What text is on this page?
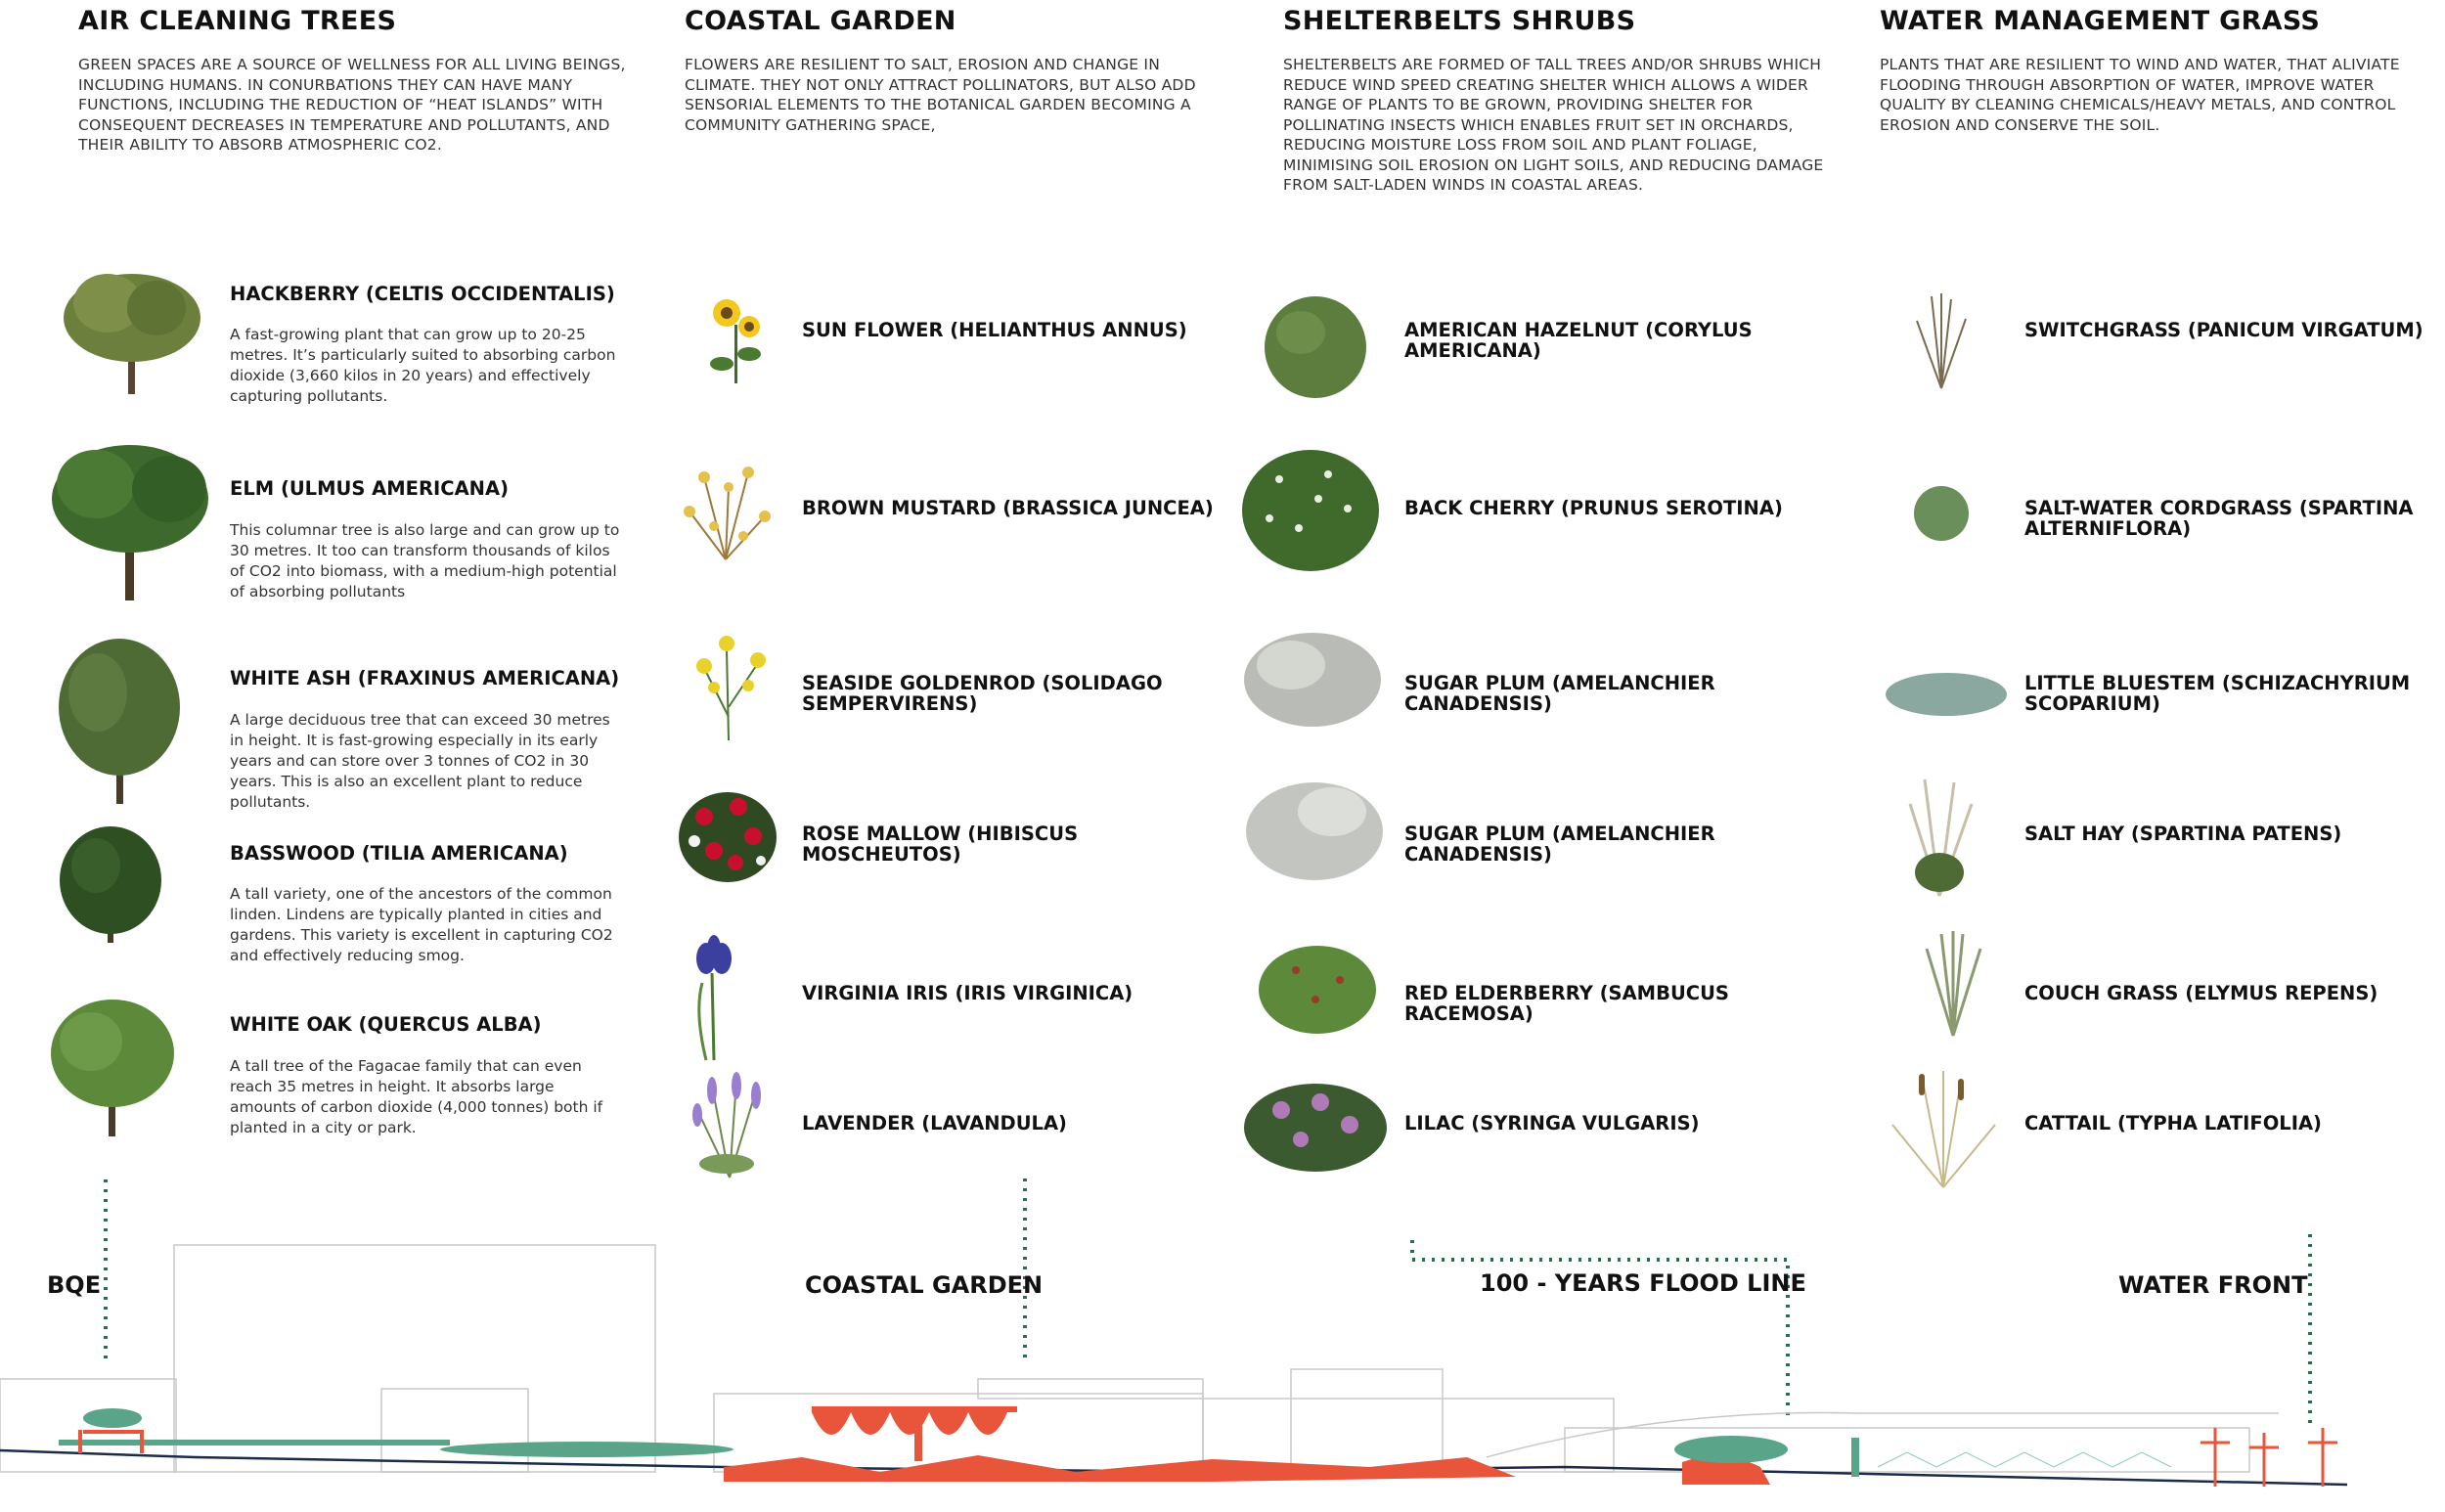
AIR CLEANING TREES
GREEN SPACES ARE A SOURCE OF WELLNESS FOR ALL LIVING BEINGS, INCLUDING HUMANS. IN CONURBATIONS THEY CAN HAVE MANY FUNCTIONS, INCLUDING THE REDUCTION OF “HEAT ISLANDS” WITH CONSEQUENT DECREASES IN TEMPERATURE AND POLLUTANTS, AND THEIR ABILITY TO ABSORB ATMOSPHERIC CO2.
HACKBERRY (CELTIS OCCIDENTALIS)
A fast-growing plant that can grow up to 20-25 metres. It’s particularly suited to absorbing carbon dioxide (3,660 kilos in 20 years) and effectively capturing pollutants.
ELM (ULMUS AMERICANA)
This columnar tree is also large and can grow up to 30 metres. It too can transform thousands of kilos of CO2 into biomass, with a medium-high potential of absorbing pollutants
WHITE ASH (FRAXINUS AMERICANA)
A large deciduous tree that can exceed 30 metres in height. It is fast-growing especially in its early years and can store over 3 tonnes of CO2 in 30 years. This is also an excellent plant to reduce pollutants.
BASSWOOD (TILIA AMERICANA)
A tall variety, one of the ancestors of the common linden. Lindens are typically planted in cities and gardens. This variety is excellent in capturing CO2 and effectively reducing smog.
WHITE OAK (QUERCUS ALBA)
A tall tree of the Fagacae family that can even reach 35 metres in height. It absorbs large amounts of carbon dioxide (4,000 tonnes) both if planted in a city or park.
COASTAL GARDEN
FLOWERS ARE RESILIENT TO SALT, EROSION AND CHANGE IN CLIMATE. THEY NOT ONLY ATTRACT POLLINATORS, BUT ALSO ADD SENSORIAL ELEMENTS TO THE BOTANICAL GARDEN BECOMING A COMMUNITY GATHERING SPACE,
SUN FLOWER (HELIANTHUS ANNUS)
BROWN MUSTARD (BRASSICA JUNCEA)
SEASIDE GOLDENROD (SOLIDAGO SEMPERVIRENS)
ROSE MALLOW (HIBISCUS MOSCHEUTOS)
VIRGINIA IRIS (IRIS VIRGINICA)
LAVENDER (LAVANDULA)
SHELTERBELTS SHRUBS
SHELTERBELTS ARE FORMED OF TALL TREES AND/OR SHRUBS WHICH REDUCE WIND SPEED CREATING SHELTER WHICH ALLOWS A WIDER RANGE OF PLANTS TO BE GROWN, PROVIDING SHELTER FOR POLLINATING INSECTS WHICH ENABLES FRUIT SET IN ORCHARDS, REDUCING MOISTURE LOSS FROM SOIL AND PLANT FOLIAGE, MINIMISING SOIL EROSION ON LIGHT SOILS, AND REDUCING DAMAGE FROM SALT-LADEN WINDS IN COASTAL AREAS.
AMERICAN HAZELNUT (CORYLUS AMERICANA)
BACK CHERRY (PRUNUS SEROTINA)
SUGAR PLUM (AMELANCHIER CANADENSIS)
SUGAR PLUM (AMELANCHIER CANADENSIS)
RED ELDERBERRY (SAMBUCUS RACEMOSA)
LILAC (SYRINGA VULGARIS)
WATER MANAGEMENT GRASS
PLANTS THAT ARE RESILIENT TO WIND AND WATER, THAT ALIVIATE FLOODING THROUGH ABSORPTION OF WATER, IMPROVE WATER QUALITY BY CLEANING CHEMICALS/HEAVY METALS, AND CONTROL EROSION AND CONSERVE THE SOIL.
SWITCHGRASS (PANICUM VIRGATUM)
SALT-WATER CORDGRASS (SPARTINA ALTERNIFLORA)
LITTLE BLUESTEM (SCHIZACHYRIUM SCOPARIUM)
SALT HAY (SPARTINA PATENS)
COUCH GRASS (ELYMUS REPENS)
CATTAIL (TYPHA LATIFOLIA)
BQE	COASTAL GARDEN	100 - YEARS FLOOD LINE	WATER FRONT
